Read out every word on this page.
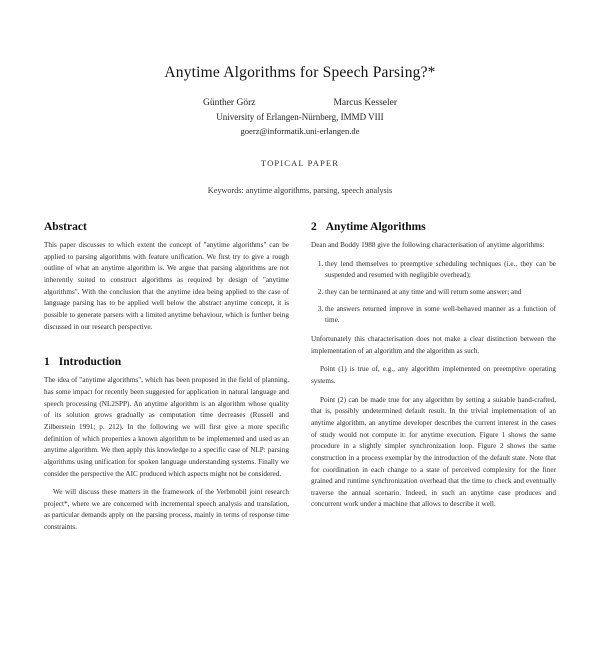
Anytime Algorithms for Speech Parsing?*
Günther Görz	Marcus Kesseler
University of Erlangen-Nürnberg, IMMD VIII
goerz@informatik.uni-erlangen.de
TOPICAL PAPER
Keywords: anytime algorithms, parsing, speech analysis
Abstract

This paper discusses to which extent the concept of "anytime algorithms" can be applied to parsing algorithms with feature unification. We first try to give a rough outline of what an anytime algorithm is. We argue that parsing algorithms are not inherently suited to construct algorithms as required by design of "anytime algorithms". With the conclusion that the anytime idea being applied to the case of language parsing has to be applied well below the abstract anytime concept, it is possible to generate parsers with a limited anytime behaviour, which is further being discussed in our research perspective.

1 Introduction

The idea of "anytime algorithms", which has been proposed in the field of planning, has some impact for recently been suggested for application in natural language and speech processing (NL2SPP). An anytime algorithm is an algorithm whose quality of its solution grows gradually as computation time decreases (Russell and Zilberstein 1991; p. 212). In the following we will first give a more specific definition of which properties a known algorithm to be implemented and used as an anytime algorithm. We then apply this knowledge to a specific case of NLP: parsing algorithms using unification for spoken language understanding systems. Finally we consider the perspective the AIC produced which aspects might not be considered.

We will discuss these matters in the framework of the Verbmobil joint research project*, where we are concerned with incremental speech analysis and translation, as particular demands apply on the parsing process, mainly in terms of response time constraints.

2 Anytime Algorithms

Dean and Boddy 1988 give the following characterisation of anytime algorithms:

1. they lend themselves to preemptive scheduling techniques (i.e., they can be suspended and resumed with negligible overhead);
2. they can be terminated at any time and will return some answer; and
3. the answers returned improve in some well-behaved manner as a function of time.

Unfortunately this characterisation does not make a clear distinction between the implementation of an algorithm and the algorithm as such.

Point (1) is true of, e.g., any algorithm implemented on preemptive operating systems.

Point (2) can be made true for any algorithm by setting a suitable hand-crafted, that is, possibly undetermined default result. In the trivial implementation of an anytime algorithm, an anytime developer describes the current interest in the cases of study would not compute it: for anytime execution. Figure 1 shows the same procedure in a slightly simpler synchronization loop. Figure 2 shows the same construction in a process exemplar by the introduction of the default state. Note that for coordination in each change to a state of perceived complexity for the finer grained and runtime synchronization overhead that the time to check and eventually traverse the annual scenario. Indeed, in such an anytime case produces and concurrent work under a machine that allows to describe it well.
